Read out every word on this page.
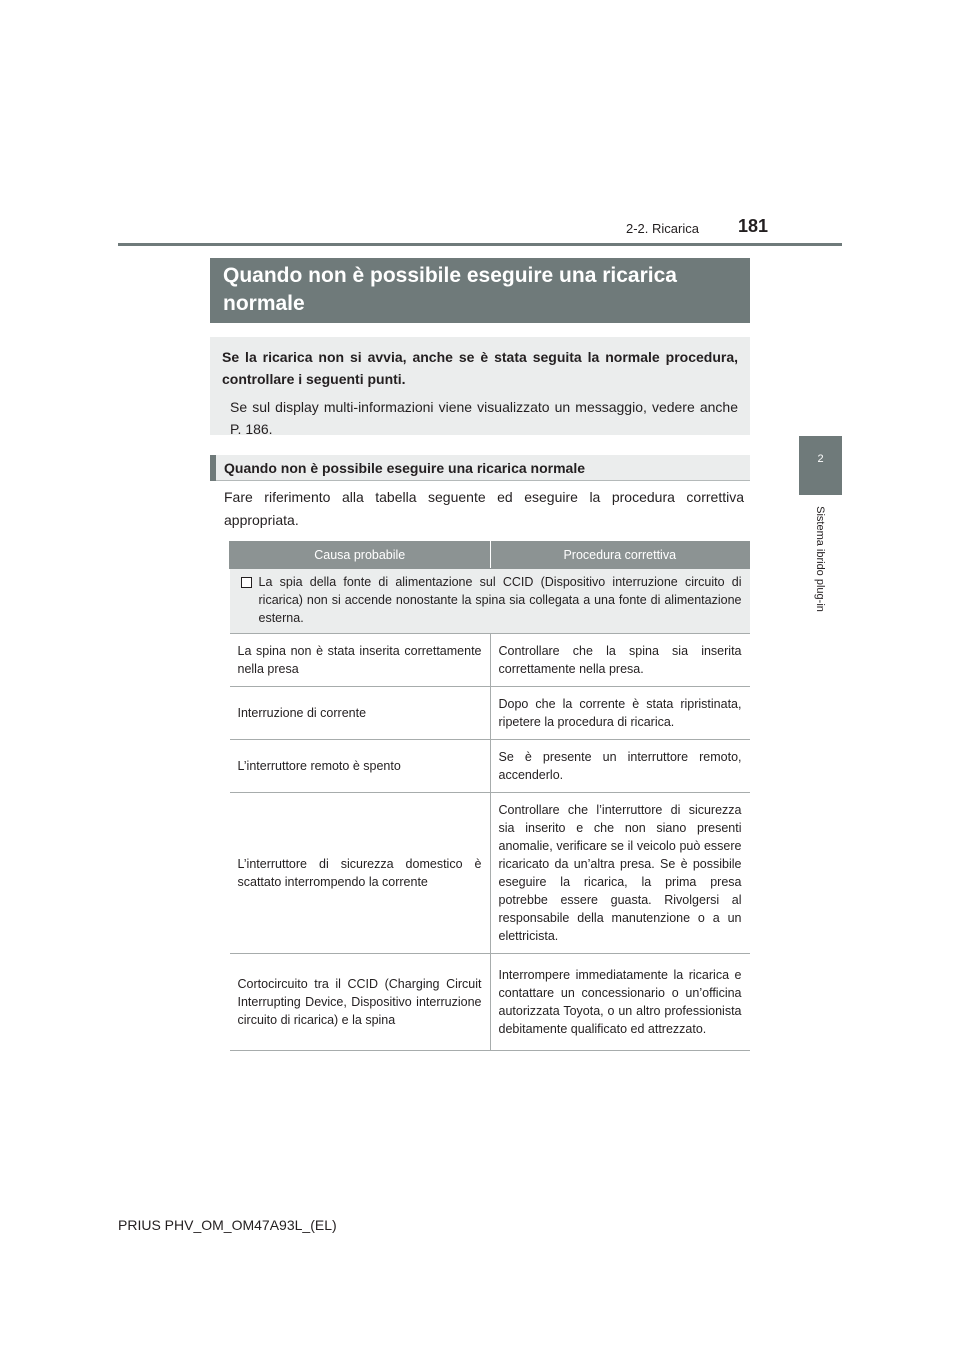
2-2. Ricarica 181
2
Sistema ibrido plug-in
Quando non è possibile eseguire una ricarica normale
Se la ricarica non si avvia, anche se è stata seguita la normale procedura, controllare i seguenti punti.
Se sul display multi-informazioni viene visualizzato un messaggio, vedere anche P. 186.
Quando non è possibile eseguire una ricarica normale
Fare riferimento alla tabella seguente ed eseguire la procedura correttiva appropriata.
Causa probabile	Procedura correttiva

La spia della fonte di alimentazione sul CCID (Dispositivo interruzione circuito di ricarica) non si accende nonostante la spina sia collegata a una fonte di alimentazione esterna.	

La spina non è stata inserita correttamente nella presa	Controllare che la spina sia inserita correttamente nella presa.
Interruzione di corrente	Dopo che la corrente è stata ripristinata, ripetere la procedura di ricarica.
L’interruttore remoto è spento	Se è presente un interruttore remoto, accenderlo.
L’interruttore di sicurezza domestico è scattato interrompendo la corrente	Controllare che l’interruttore di sicurezza sia inserito e che non siano presenti anomalie, verificare se il veicolo può essere ricaricato da un’altra presa. Se è possibile eseguire la ricarica, la prima presa potrebbe essere guasta. Rivolgersi al responsabile della manutenzione o a un elettricista.
Cortocircuito tra il CCID (Charging Circuit Interrupting Device, Dispositivo interruzione circuito di ricarica) e la spina	Interrompere immediatamente la ricarica e contattare un concessionario o un’officina autorizzata Toyota, o un altro professionista debitamente qualificato ed attrezzato.
PRIUS PHV_OM_OM47A93L_(EL)
